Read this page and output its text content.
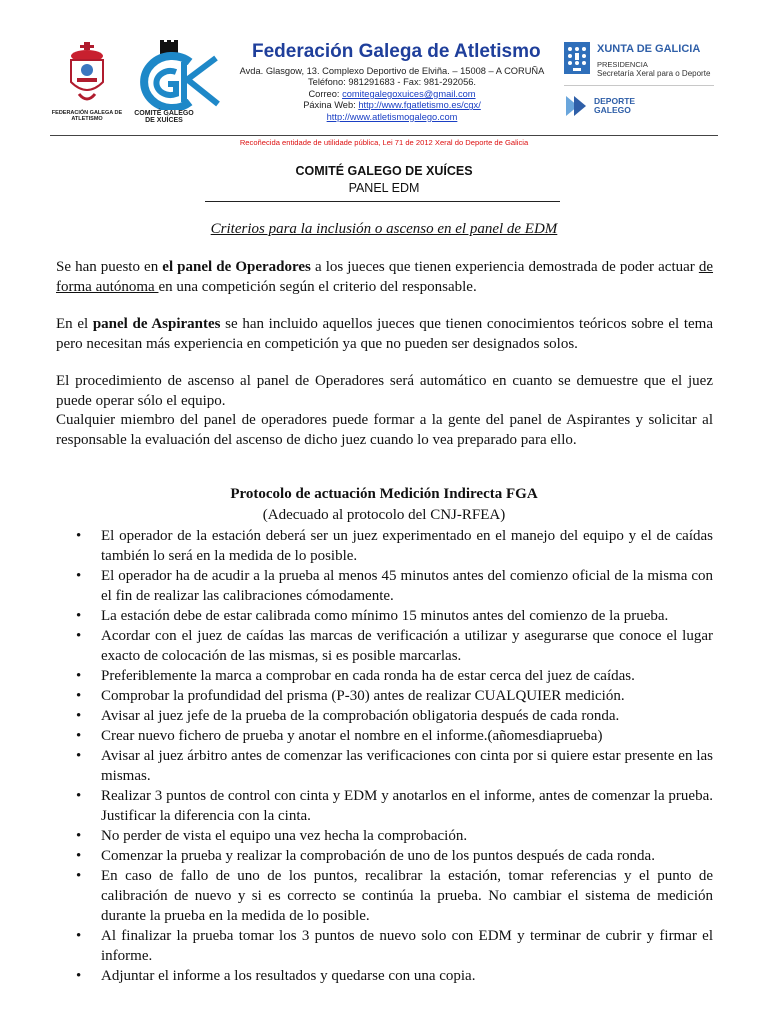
FEDERACIÓN GALEGA DE ATLETISMO
COMITÉ GALEGO DE XUÍCES
Federación Galega de Atletismo
Avda. Glasgow, 13. Complexo Deportivo de Elviña. – 15008 – A CORUÑA
Teléfono: 981291683 - Fax: 981-292056.
Correo: comitegalegoxuices@gmail.com
Páxina Web: http://www.fgatletismo.es/cgx/
http://www.atletismogalego.com
XUNTA DE GALICIA
PRESIDENCIA
Secretaría Xeral para o Deporte
DEPORTE
GALEGO
Recoñecida entidade de utilidade pública, Lei 71 de 2012 Xeral do Deporte de Galicia
COMITÉ GALEGO DE XUÍCES
PANEL EDM
Criterios para la inclusión o ascenso en el panel de EDM

Se han puesto en el panel de Operadores a los jueces que tienen experiencia demostrada de poder actuar de forma autónoma en una competición según el criterio del responsable.

En el panel de Aspirantes se han incluido aquellos jueces que tienen conocimientos teóricos sobre el tema pero necesitan más experiencia en competición ya que no pueden ser designados solos.

El procedimiento de ascenso al panel de Operadores será automático en cuanto se demuestre que el juez puede operar sólo el equipo.

Cualquier miembro del panel de operadores puede formar a la gente del panel de Aspirantes y solicitar al responsable la evaluación del ascenso de dicho juez cuando lo vea preparado para ello.

Protocolo de actuación Medición Indirecta FGA
(Adecuado al protocolo del CNJ-RFEA)
• El operador de la estación deberá ser un juez experimentado en el manejo del equipo y el de caídas también lo será en la medida de lo posible.
• El operador ha de acudir a la prueba al menos 45 minutos antes del comienzo oficial de la misma con el fin de realizar las calibraciones cómodamente.
• La estación debe de estar calibrada como mínimo 15 minutos antes del comienzo de la prueba.
• Acordar con el juez de caídas las marcas de verificación a utilizar y asegurarse que conoce el lugar exacto de colocación de las mismas, si es posible marcarlas.
• Preferiblemente la marca a comprobar en cada ronda ha de estar cerca del juez de caídas.
• Comprobar la profundidad del prisma (P-30) antes de realizar CUALQUIER medición.
• Avisar al juez jefe de la prueba de la comprobación obligatoria después de cada ronda.
• Crear nuevo fichero de prueba y anotar el nombre en el informe.(añomesdiaprueba)
• Avisar al juez árbitro antes de comenzar las verificaciones con cinta por si quiere estar presente en las mismas.
• Realizar 3 puntos de control con cinta y EDM y anotarlos en el informe, antes de comenzar la prueba. Justificar la diferencia con la cinta.
• No perder de vista el equipo una vez hecha la comprobación.
• Comenzar la prueba y realizar la comprobación de uno de los puntos después de cada ronda.
• En caso de fallo de uno de los puntos, recalibrar la estación, tomar referencias y el punto de calibración de nuevo y si es correcto se continúa la prueba. No cambiar el sistema de medición durante la prueba en la medida de lo posible.
• Al finalizar la prueba tomar los 3 puntos de nuevo solo con EDM y terminar de cubrir y firmar el informe.
• Adjuntar el informe a los resultados y quedarse con una copia.
